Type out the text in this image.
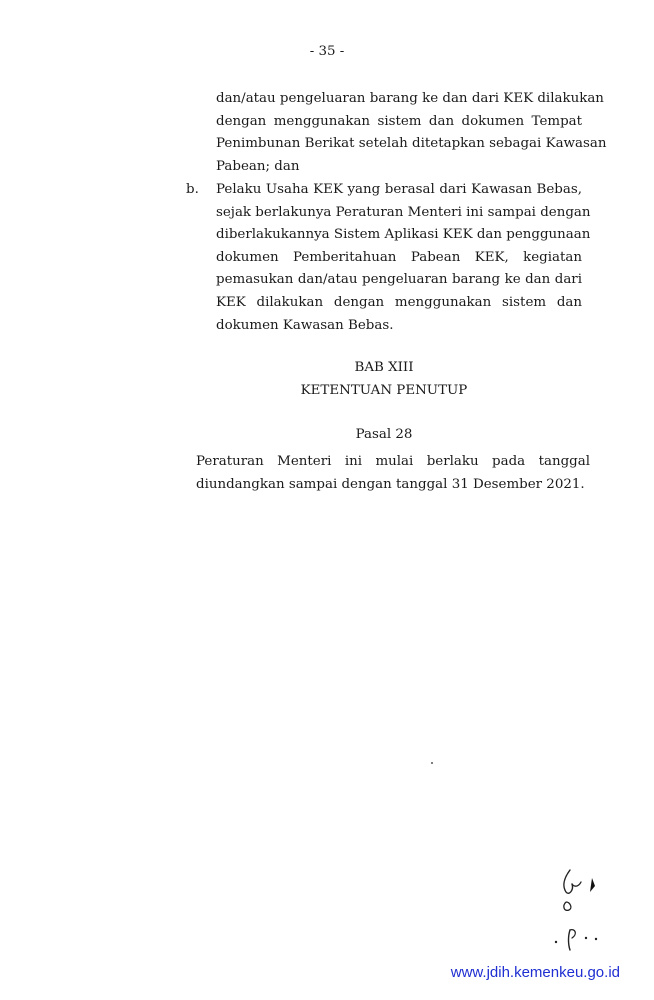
- 35 -
dan/atau pengeluaran barang ke dan dari KEK dilakukan
dengan menggunakan sistem dan dokumen Tempat
Penimbunan Berikat setelah ditetapkan sebagai Kawasan
Pabean; dan
b. Pelaku Usaha KEK yang berasal dari Kawasan Bebas,
sejak berlakunya Peraturan Menteri ini sampai dengan
diberlakukannya Sistem Aplikasi KEK dan penggunaan
dokumen Pemberitahuan Pabean KEK, kegiatan
pemasukan dan/atau pengeluaran barang ke dan dari
KEK dilakukan dengan menggunakan sistem dan
dokumen Kawasan Bebas.
BAB XIII
KETENTUAN PENUTUP
Pasal 28
Peraturan Menteri ini mulai berlaku pada tanggal
diundangkan sampai dengan tanggal 31 Desember 2021.
www.jdih.kemenkeu.go.id
